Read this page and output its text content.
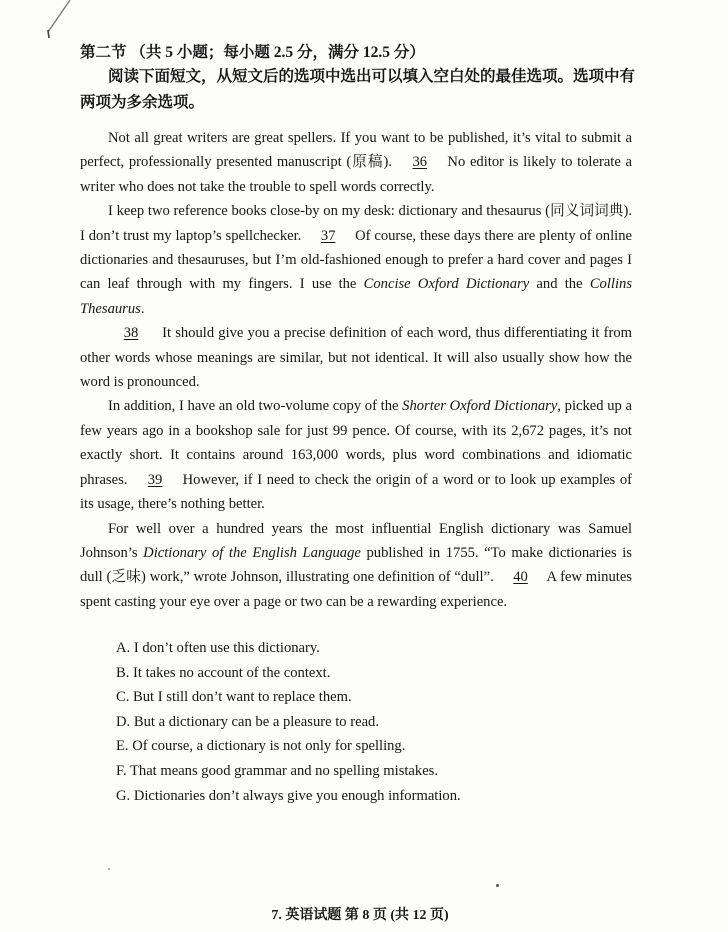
第二节 （共 5 小题；每小题 2.5 分，满分 12.5 分）
阅读下面短文，从短文后的选项中选出可以填入空白处的最佳选项。选项中有两项为多余选项。

Not all great writers are great spellers. If you want to be published, it’s vital to submit a perfect, professionally presented manuscript (原稿). 36 No editor is likely to tolerate a writer who does not take the trouble to spell words correctly.

I keep two reference books close-by on my desk: dictionary and thesaurus (同义词词典). I don’t trust my laptop’s spellchecker. 37 Of course, these days there are plenty of online dictionaries and thesauruses, but I’m old-fashioned enough to prefer a hard cover and pages I can leaf through with my fingers. I use the Concise Oxford Dictionary and the Collins Thesaurus.

38 It should give you a precise definition of each word, thus differentiating it from other words whose meanings are similar, but not identical. It will also usually show how the word is pronounced.

In addition, I have an old two-volume copy of the Shorter Oxford Dictionary, picked up a few years ago in a bookshop sale for just 99 pence. Of course, with its 2,672 pages, it’s not exactly short. It contains around 163,000 words, plus word combinations and idiomatic phrases. 39 However, if I need to check the origin of a word or to look up examples of its usage, there’s nothing better.

For well over a hundred years the most influential English dictionary was Samuel Johnson’s Dictionary of the English Language published in 1755. “To make dictionaries is dull (乏味) work,” wrote Johnson, illustrating one definition of “dull”. 40 A few minutes spent casting your eye over a page or two can be a rewarding experience.

A. I don’t often use this dictionary.
B. It takes no account of the context.
C. But I still don’t want to replace them.
D. But a dictionary can be a pleasure to read.
E. Of course, a dictionary is not only for spelling.
F. That means good grammar and no spelling mistakes.
G. Dictionaries don’t always give you enough information.
7. 英语试题 第 8 页 (共 12 页)
